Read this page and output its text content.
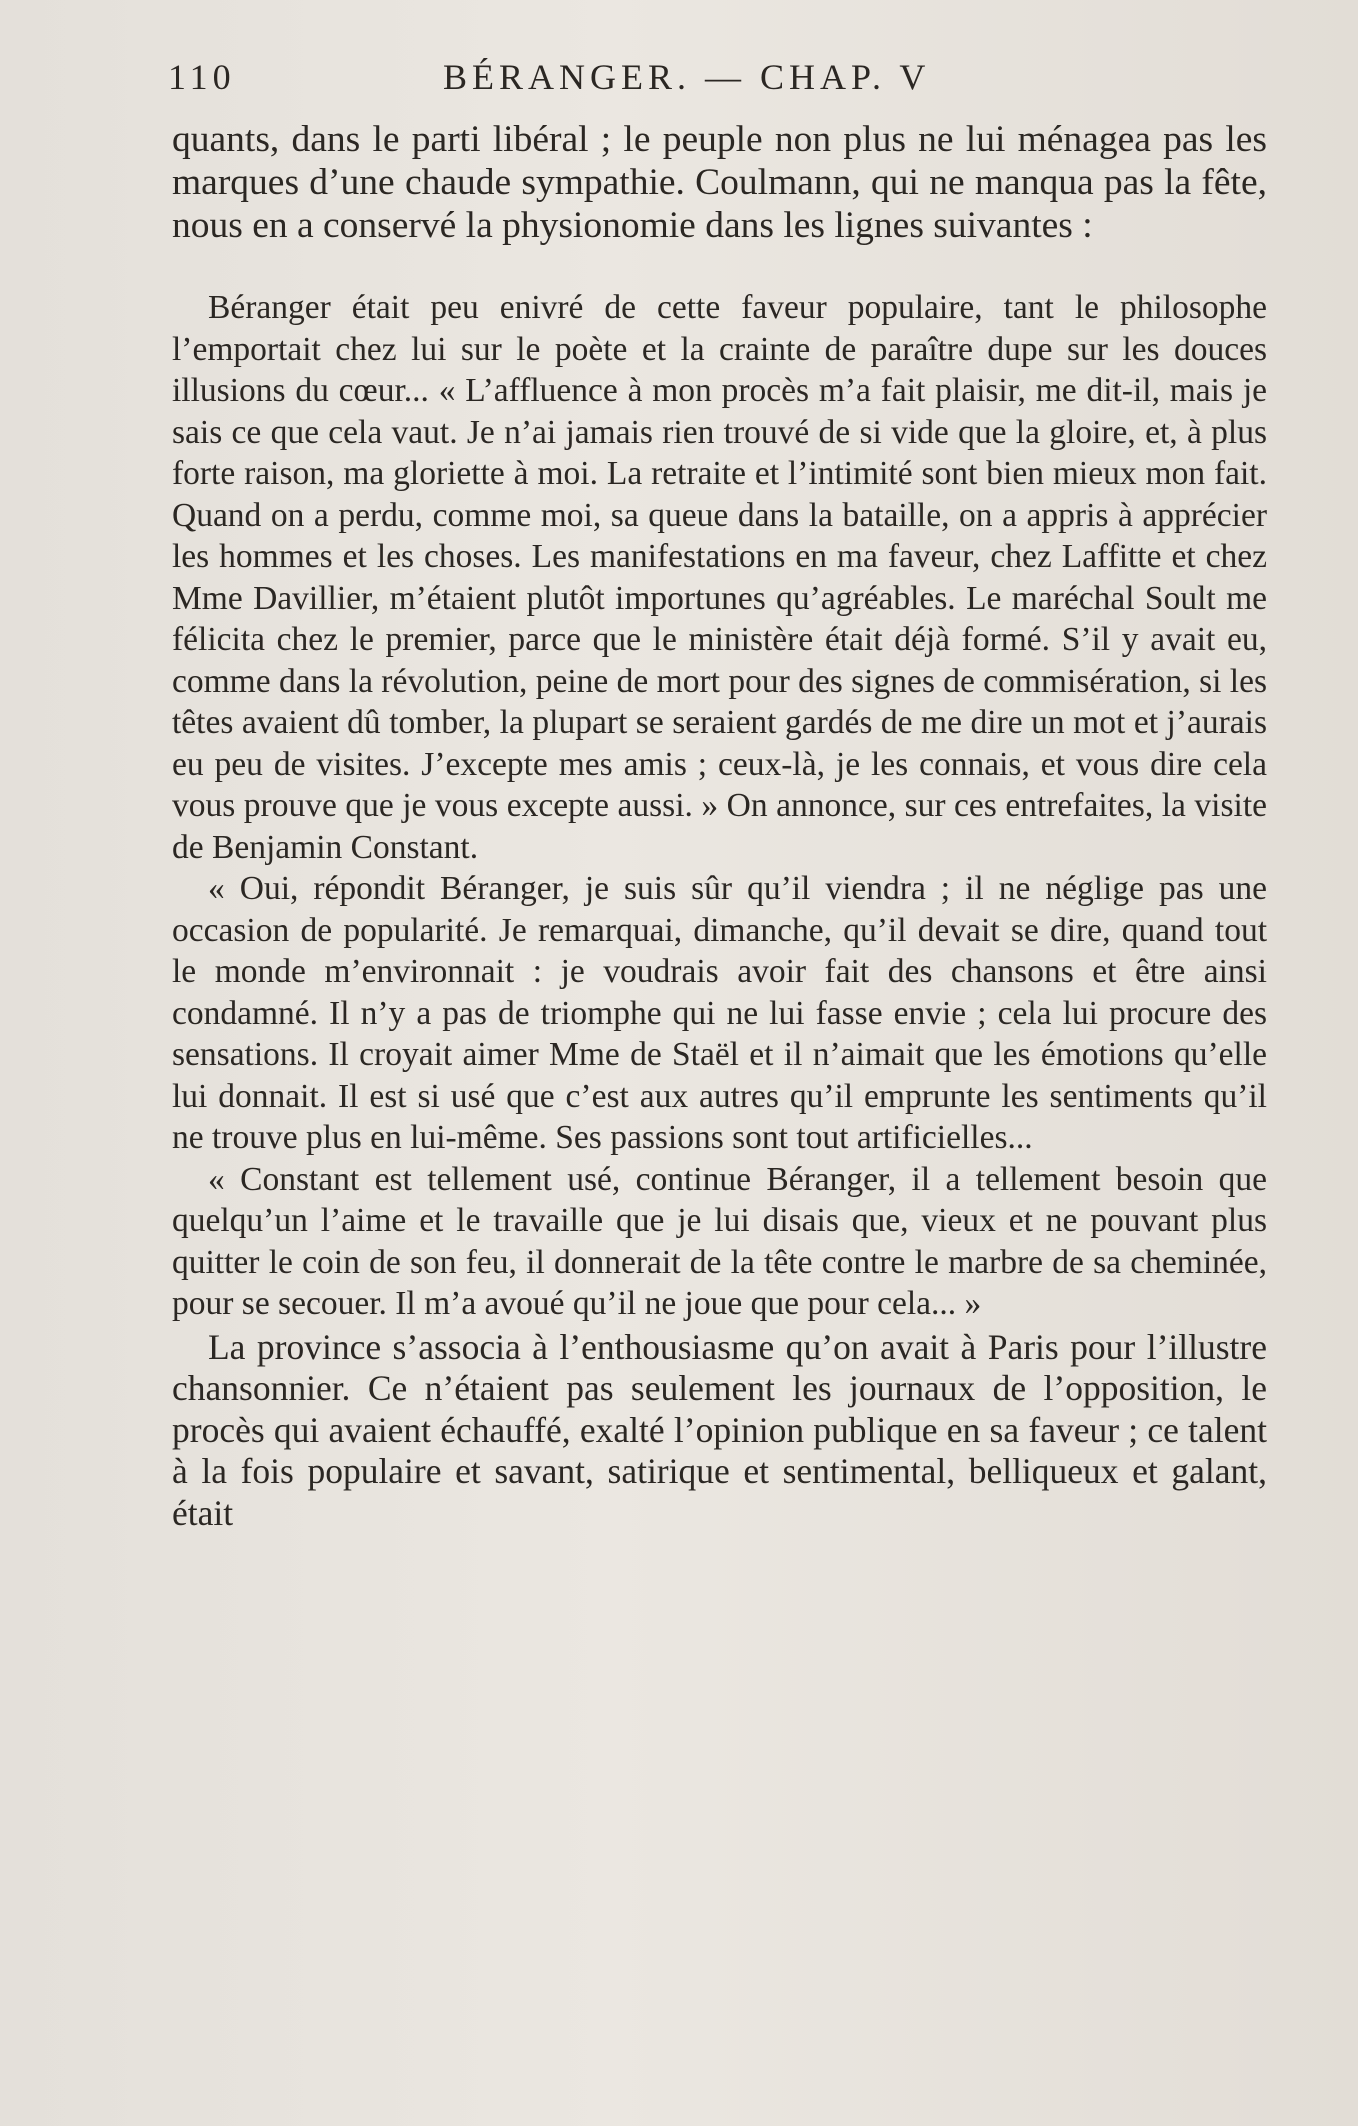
110	BÉRANGER. — CHAP. V

quants, dans le parti libéral ; le peuple non plus ne lui ménagea pas les marques d’une chaude sympathie. Coulmann, qui ne manqua pas la fête, nous en a conservé la physionomie dans les lignes suivantes :

Béranger était peu enivré de cette faveur populaire, tant le philosophe l’emportait chez lui sur le poète et la crainte de paraître dupe sur les douces illusions du cœur... « L’affluence à mon procès m’a fait plaisir, me dit-il, mais je sais ce que cela vaut. Je n’ai jamais rien trouvé de si vide que la gloire, et, à plus forte raison, ma gloriette à moi. La retraite et l’intimité sont bien mieux mon fait. Quand on a perdu, comme moi, sa queue dans la bataille, on a appris à apprécier les hommes et les choses. Les manifestations en ma faveur, chez Laffitte et chez Mme Davillier, m’étaient plutôt importunes qu’agréables. Le maréchal Soult me félicita chez le premier, parce que le ministère était déjà formé. S’il y avait eu, comme dans la révolution, peine de mort pour des signes de commisération, si les têtes avaient dû tomber, la plupart se seraient gardés de me dire un mot et j’aurais eu peu de visites. J’excepte mes amis ; ceux-là, je les connais, et vous dire cela vous prouve que je vous excepte aussi. » On annonce, sur ces entrefaites, la visite de Benjamin Constant.

« Oui, répondit Béranger, je suis sûr qu’il viendra ; il ne néglige pas une occasion de popularité. Je remarquai, dimanche, qu’il devait se dire, quand tout le monde m’environnait : je voudrais avoir fait des chansons et être ainsi condamné. Il n’y a pas de triomphe qui ne lui fasse envie ; cela lui procure des sensations. Il croyait aimer Mme de Staël et il n’aimait que les émotions qu’elle lui donnait. Il est si usé que c’est aux autres qu’il emprunte les sentiments qu’il ne trouve plus en lui-même. Ses passions sont tout artificielles...

« Constant est tellement usé, continue Béranger, il a tellement besoin que quelqu’un l’aime et le travaille que je lui disais que, vieux et ne pouvant plus quitter le coin de son feu, il donnerait de la tête contre le marbre de sa cheminée, pour se secouer. Il m’a avoué qu’il ne joue que pour cela... »

La province s’associa à l’enthousiasme qu’on avait à Paris pour l’illustre chansonnier. Ce n’étaient pas seulement les journaux de l’opposition, le procès qui avaient échauffé, exalté l’opinion publique en sa faveur ; ce talent à la fois populaire et savant, satirique et sentimental, belliqueux et galant, était
